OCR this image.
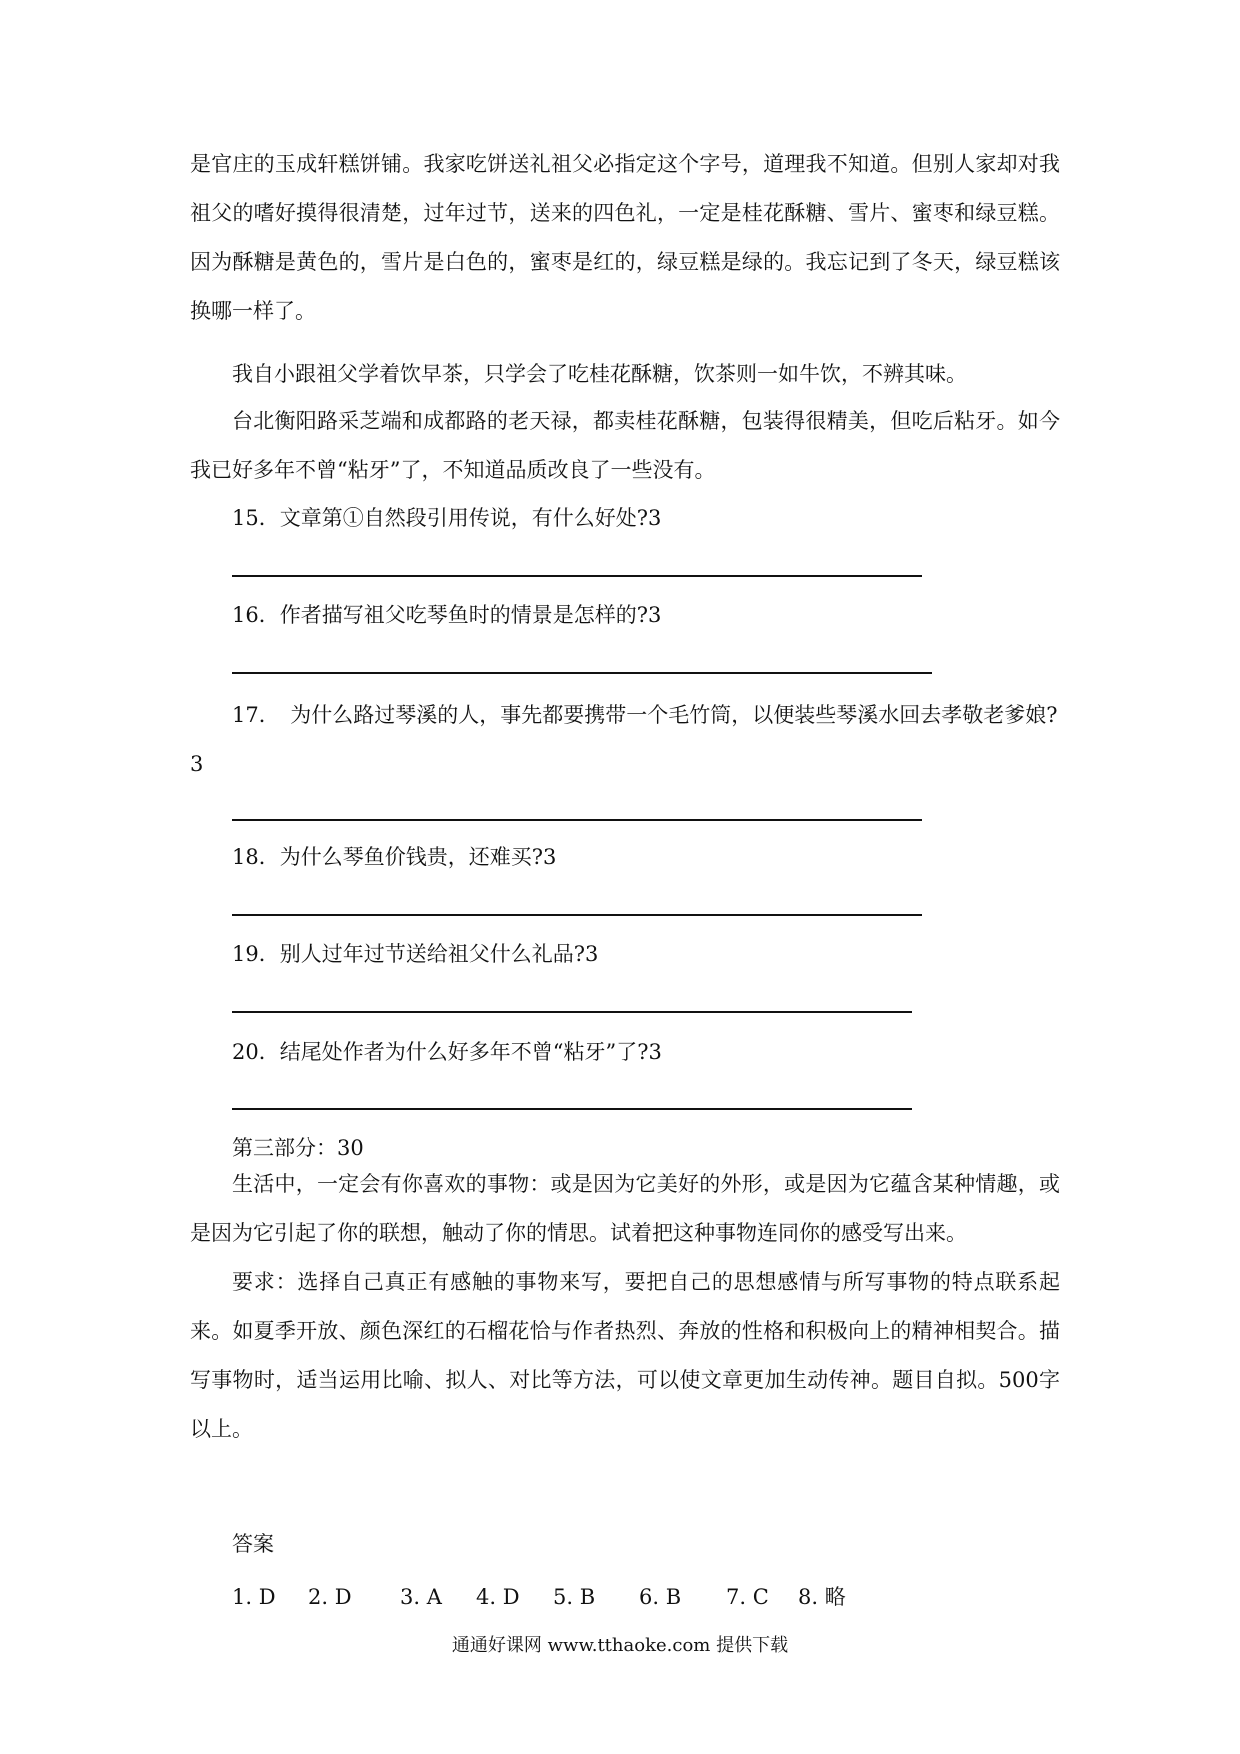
是官庄的玉成轩糕饼铺。我家吃饼送礼祖父必指定这个字号，道理我不知道。但别人家却对我祖父的嗜好摸得很清楚，过年过节，送来的四色礼，一定是桂花酥糖、雪片、蜜枣和绿豆糕。因为酥糖是黄色的，雪片是白色的，蜜枣是红的，绿豆糕是绿的。我忘记到了冬天，绿豆糕该换哪一样了。

我自小跟祖父学着饮早茶，只学会了吃桂花酥糖，饮茶则一如牛饮，不辨其味。

台北衡阳路采芝端和成都路的老天禄，都卖桂花酥糖，包装得很精美，但吃后粘牙。如今我已好多年不曾“粘牙”了，不知道品质改良了一些没有。

15．文章第①自然段引用传说，有什么好处?3
16．作者描写祖父吃琴鱼时的情景是怎样的?3

17．　为什么路过琴溪的人，事先都要携带一个毛竹筒，以便装些琴溪水回去孝敬老爹娘?3

18．为什么琴鱼价钱贵，还难买?3
19．别人过年过节送给祖父什么礼品?3
20．结尾处作者为什么好多年不曾“粘牙”了?3
第三部分：30

生活中，一定会有你喜欢的事物：或是因为它美好的外形，或是因为它蕴含某种情趣，或是因为它引起了你的联想，触动了你的情思。试着把这种事物连同你的感受写出来。

要求：选择自己真正有感触的事物来写，要把自己的思想感情与所写事物的特点联系起来。如夏季开放、颜色深红的石榴花恰与作者热烈、奔放的性格和积极向上的精神相契合。描写事物时，适当运用比喻、拟人、对比等方法，可以使文章更加生动传神。题目自拟。500字以上。

答案
1. D	2. D	3. A	4. D	5. B	6. B	7. C	8. 略
通通好课网 www.tthaoke.com 提供下载
